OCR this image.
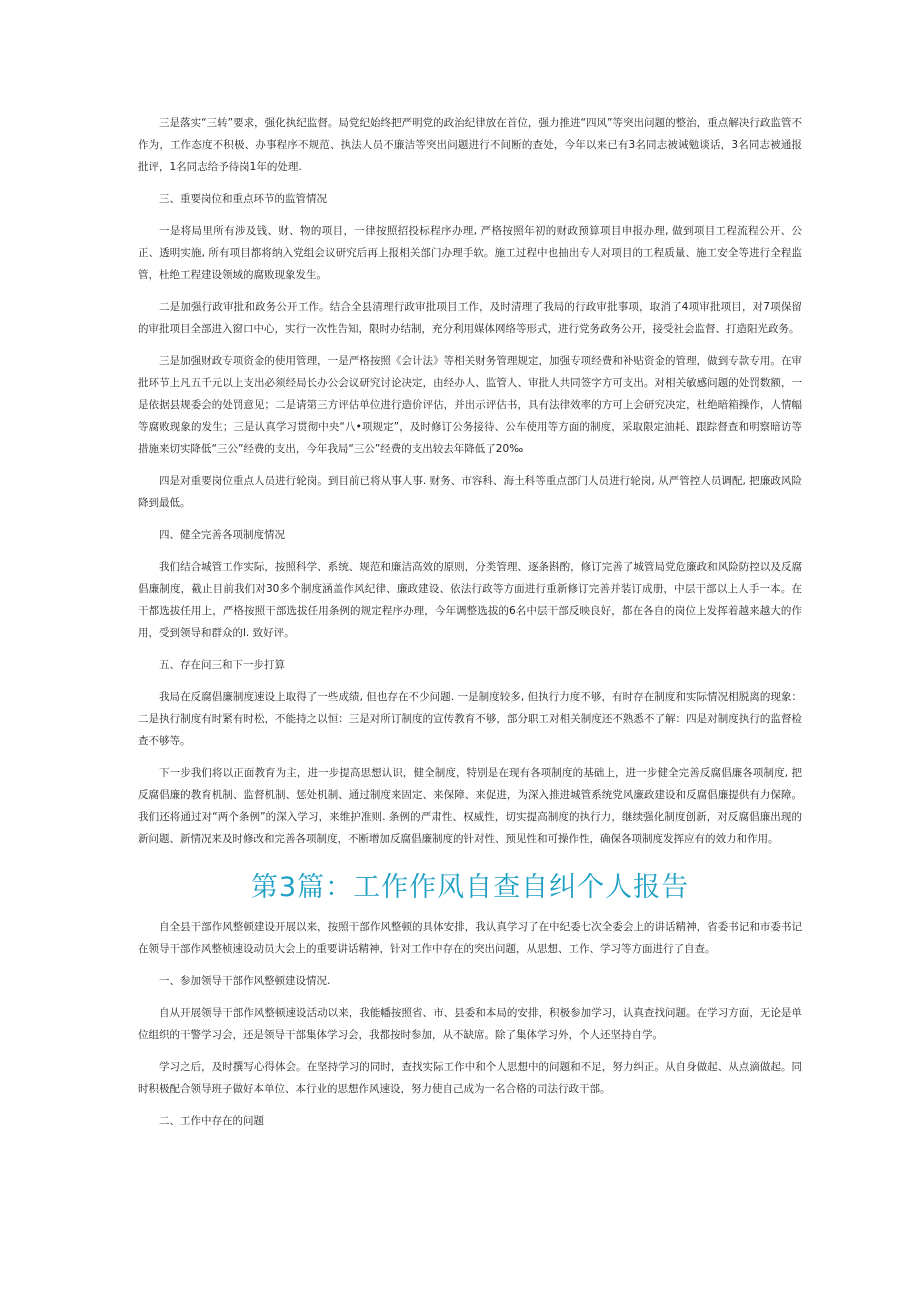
三是落实“三转”要求，强化执纪监督。局党纪始终把严明党的政治纪律放在首位，强力推进“四风”等突出问题的整治，重点解决行政监管不作为，工作态度不积极、办事程序不规范、执法人员不廉洁等突出问题进行不间断的查处，今年以来已有3名同志被诫勉谈话，3名同志被通报批评，1名同志给予待岗1年的处理.

三、重要岗位和重点环节的监管情况

一是将局里所有涉及钱、财、物的项目，一律按照招投标程序办理, 严格按照年初的财政预算项目申报办理, 做到项目工程流程公开、公正、透明实施, 所有项目都将纳入党组会议研究后再上报相关部门办理手软。施工过程中也抽出专人对项目的工程质量、施工安全等进行全程监管，杜绝工程建设领域的腐败现象发生。

二是加强行政审批和政务公开工作。结合全县清理行政审批项目工作，及时清理了我局的行政审批事项，取消了4项审批项目，对7项保留的审批项目全部进入窗口中心，实行一次性告知，限时办结制，充分利用媒体网络等形式，进行党务政务公开，接受社会监督、打造阳光政务。

三是加强财政专项资金的使用管理，一是严格按照《会计法》等相关财务管理规定，加强专项经费和补贴资金的管理，做到专款专用。在审批环节上凡五千元以上支出必须经局长办公会议研究讨论决定，由经办人、监管人、审批人共同签字方可支出。对相关敏感问题的处罚数额，一是依据县规委会的处罚意见；二是请第三方评估单位进行造价评估，并出示评估书，具有法律效率的方可上会研究决定，杜绝暗箱操作，人情幅等腐败现象的发生；三是认真学习贯彻中央“八•项规定”，及时修订公务接待、公车使用等方面的制度，采取限定油耗、跟踪督查和明察暗访等措施来切实降低“三公”经费的支出，今年我局“三公”经费的支出较去年降低了20‰

四是对重要岗位重点人员进行轮岗。到目前已将从事人事. 财务、市容科、海土科等重点部门人员进行轮岗, 从严管控人员调配, 把廉政风险降到最低。

四、健全完善各项制度情况

我们结合城管工作实际，按照科学、系统、规范和廉洁高效的原则，分类管理、逐条斟酌，修订完善了城管局党危廉政和风险防控以及反腐倡廉制度，截止目前我们对30多个制度涵盖作风纪律、廉政建设、依法行政等方面进行重新修订完善并装订成册，中层干部以上人手一本。在干都选拔任用上，严格按照干部选拔任用条例的规定程序办理，今年调整选拔的6名中层干部反映良好，都在各自的岗位上发挥着越来越大的作用，受到领导和群众的l. 致好评。

五、存在问三和下一步打算

我局在反腐倡廉制度速设上取得了一些成绩, 但也存在不少问题. 一是制度较多, 但执行力度不够，有时存在制度和实际情况相脱离的现象：二是执行制度有时紧有时松，不能持之以恒：三是对所订制度的宣传教育不够，部分职工对相关制度还不熟悉不了解：四是对制度执行的监督检查不够等。

下一步我们将以正面教育为主，进一步提高思想认识，健全制度，特别是在现有各项制度的基础上，进一步健全完善反腐倡廉各项制度, 把反腐倡廉的教育机制、监督机制、惩处机制、通过制度来固定、来保障、来促进，为深入推进城管系统党风廉政建设和反腐倡廉提供有力保障。我们还将通过对“两个条例”的深入学习，来维护准则. 条例的严肃性、权威性，切实提高制度的执行力，继续强化制度创新，对反腐倡廉出现的新问题、新情况来及时修改和完善各项制度，不断增加反腐倡廉制度的针对性、预见性和可操作性，确保各项制度发挥应有的效力和作用。

第3篇：工作作风自查自纠个人报告

自全县干部作风整顿建设开展以来，按照干部作风整顿的具体安排，我认真学习了在中纪委七次全委会上的讲话精神，省委书记和市委书记在领导干部作风整桢速设动员大会上的重要讲话精神，针对工作中存在的突出问题，从思想、工作、学习等方面进行了自查。

一、参加领导干部作风整顿建设情况.

自从开展领导干部作风整顿速设活动以来，我能幡按照省、市、县委和本局的安排，积极参加学习，认真查找问题。在学习方面，无论是单位组织的干警学习会，还是领导干部集体学习会，我都按时参加，从不缺席。除了集体学习外，个人还坚持自学。

学习之后，及时撰写心得体会。在坚持学习的同时，查找实际工作中和个人思想中的问题和不足，努力纠正。从自身做起、从点滴做起。同时积极配合领导班子做好本单位、本行业的思想作风速设，努力使自己成为一名合格的司法行政干部。

二、工作中存在的问题
